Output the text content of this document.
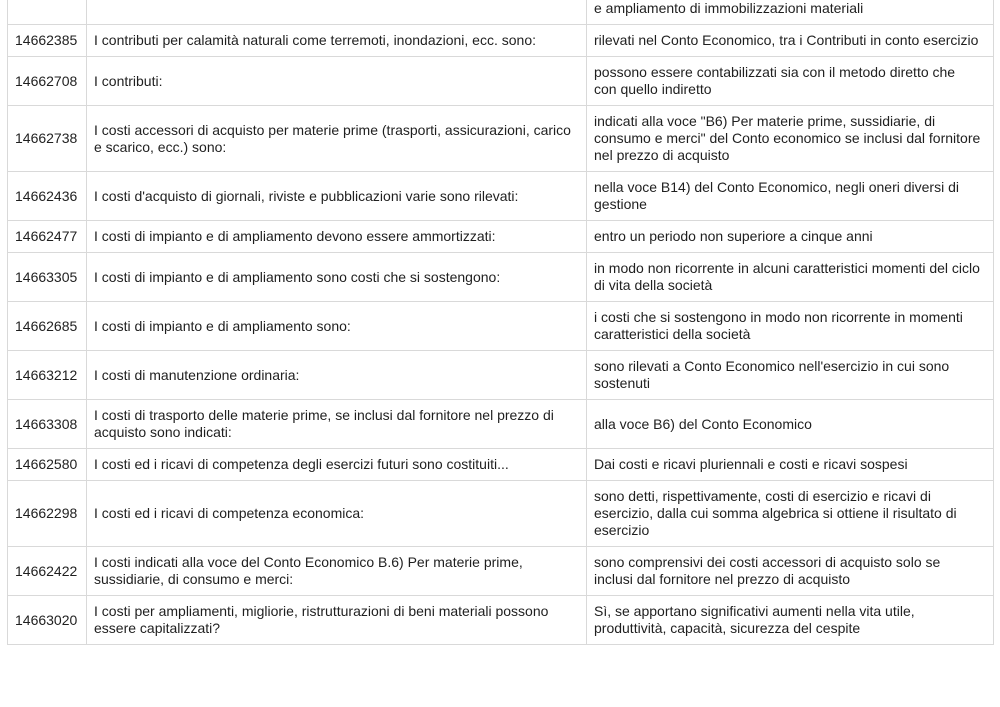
		e ampliamento di immobilizzazioni materiali
14662385	I contributi per calamità naturali come terremoti, inondazioni, ecc. sono:	rilevati nel Conto Economico, tra i Contributi in conto esercizio
14662708	I contributi:	possono essere contabilizzati sia con il metodo diretto che con quello indiretto
14662738	I costi accessori di acquisto per materie prime (trasporti, assicurazioni, carico e scarico, ecc.) sono:	indicati alla voce "B6) Per materie prime, sussidiarie, di consumo e merci" del Conto economico se inclusi dal fornitore nel prezzo di acquisto
14662436	I costi d'acquisto di giornali, riviste e pubblicazioni varie sono rilevati:	nella voce B14) del Conto Economico, negli oneri diversi di gestione
14662477	I costi di impianto e di ampliamento devono essere ammortizzati:	entro un periodo non superiore a cinque anni
14663305	I costi di impianto e di ampliamento sono costi che si sostengono:	in modo non ricorrente in alcuni caratteristici momenti del ciclo di vita della società
14662685	I costi di impianto e di ampliamento sono:	i costi che si sostengono in modo non ricorrente in momenti caratteristici della società
14663212	I costi di manutenzione ordinaria:	sono rilevati a Conto Economico nell'esercizio in cui sono sostenuti
14663308	I costi di trasporto delle materie prime, se inclusi dal fornitore nel prezzo di acquisto sono indicati:	alla voce B6) del Conto Economico
14662580	I costi ed i ricavi di competenza degli esercizi futuri sono costituiti...	Dai costi e ricavi pluriennali e costi e ricavi sospesi
14662298	I costi ed i ricavi di competenza economica:	sono detti, rispettivamente, costi di esercizio e ricavi di esercizio, dalla cui somma algebrica si ottiene il risultato di esercizio
14662422	I costi indicati alla voce del Conto Economico B.6) Per materie prime, sussidiarie, di consumo e merci:	sono comprensivi dei costi accessori di acquisto solo se inclusi dal fornitore nel prezzo di acquisto
14663020	I costi per ampliamenti, migliorie, ristrutturazioni di beni materiali possono essere capitalizzati?	Sì, se apportano significativi aumenti nella vita utile, produttività, capacità, sicurezza del cespite
